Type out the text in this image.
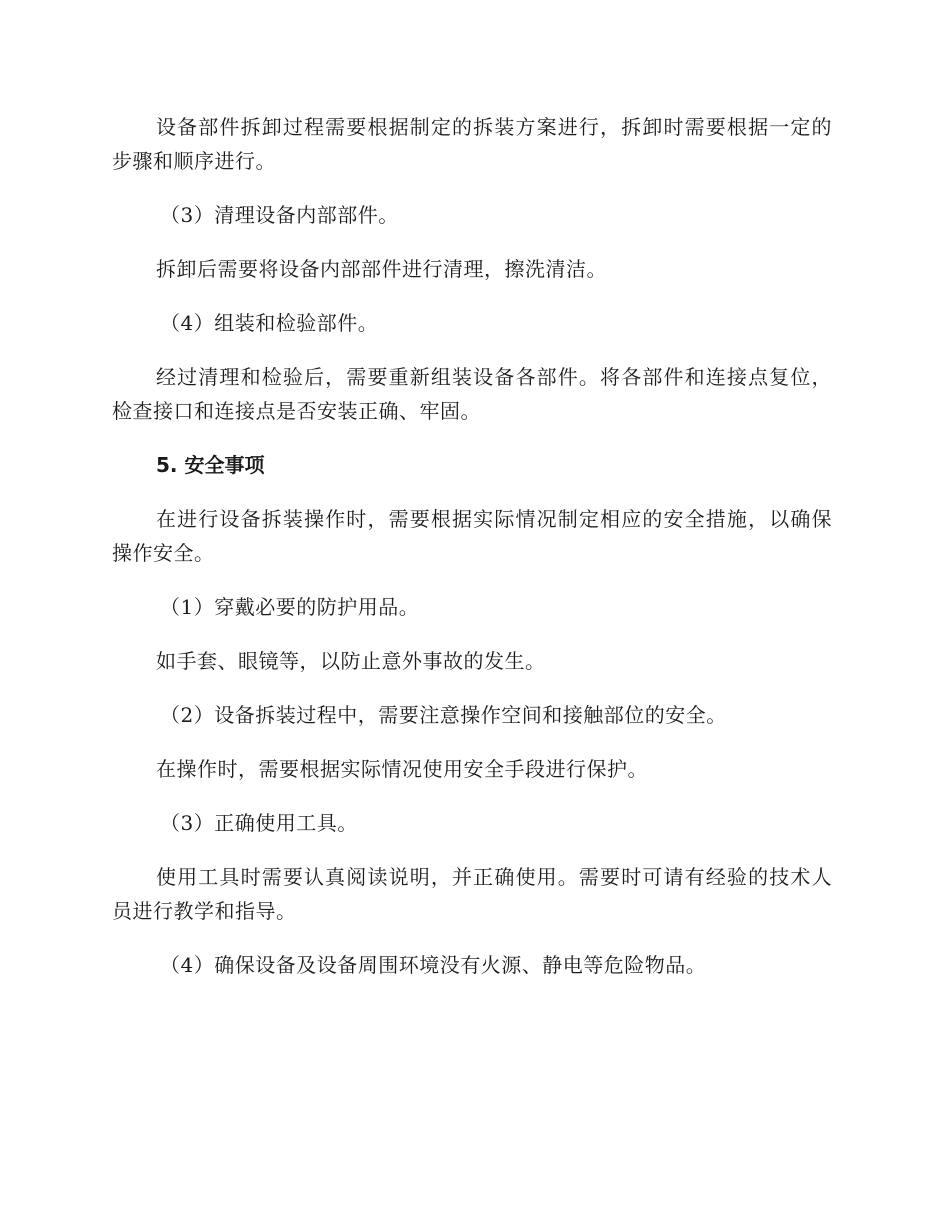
设备部件拆卸过程需要根据制定的拆装方案进行，拆卸时需要根据一定的步骤和顺序进行。

（3）清理设备内部部件。

拆卸后需要将设备内部部件进行清理，擦洗清洁。

（4）组装和检验部件。

经过清理和检验后，需要重新组装设备各部件。将各部件和连接点复位，检查接口和连接点是否安装正确、牢固。

5. 安全事项

在进行设备拆装操作时，需要根据实际情况制定相应的安全措施，以确保操作安全。

（1）穿戴必要的防护用品。

如手套、眼镜等，以防止意外事故的发生。

（2）设备拆装过程中，需要注意操作空间和接触部位的安全。

在操作时，需要根据实际情况使用安全手段进行保护。

（3）正确使用工具。

使用工具时需要认真阅读说明，并正确使用。需要时可请有经验的技术人员进行教学和指导。

（4）确保设备及设备周围环境没有火源、静电等危险物品。
